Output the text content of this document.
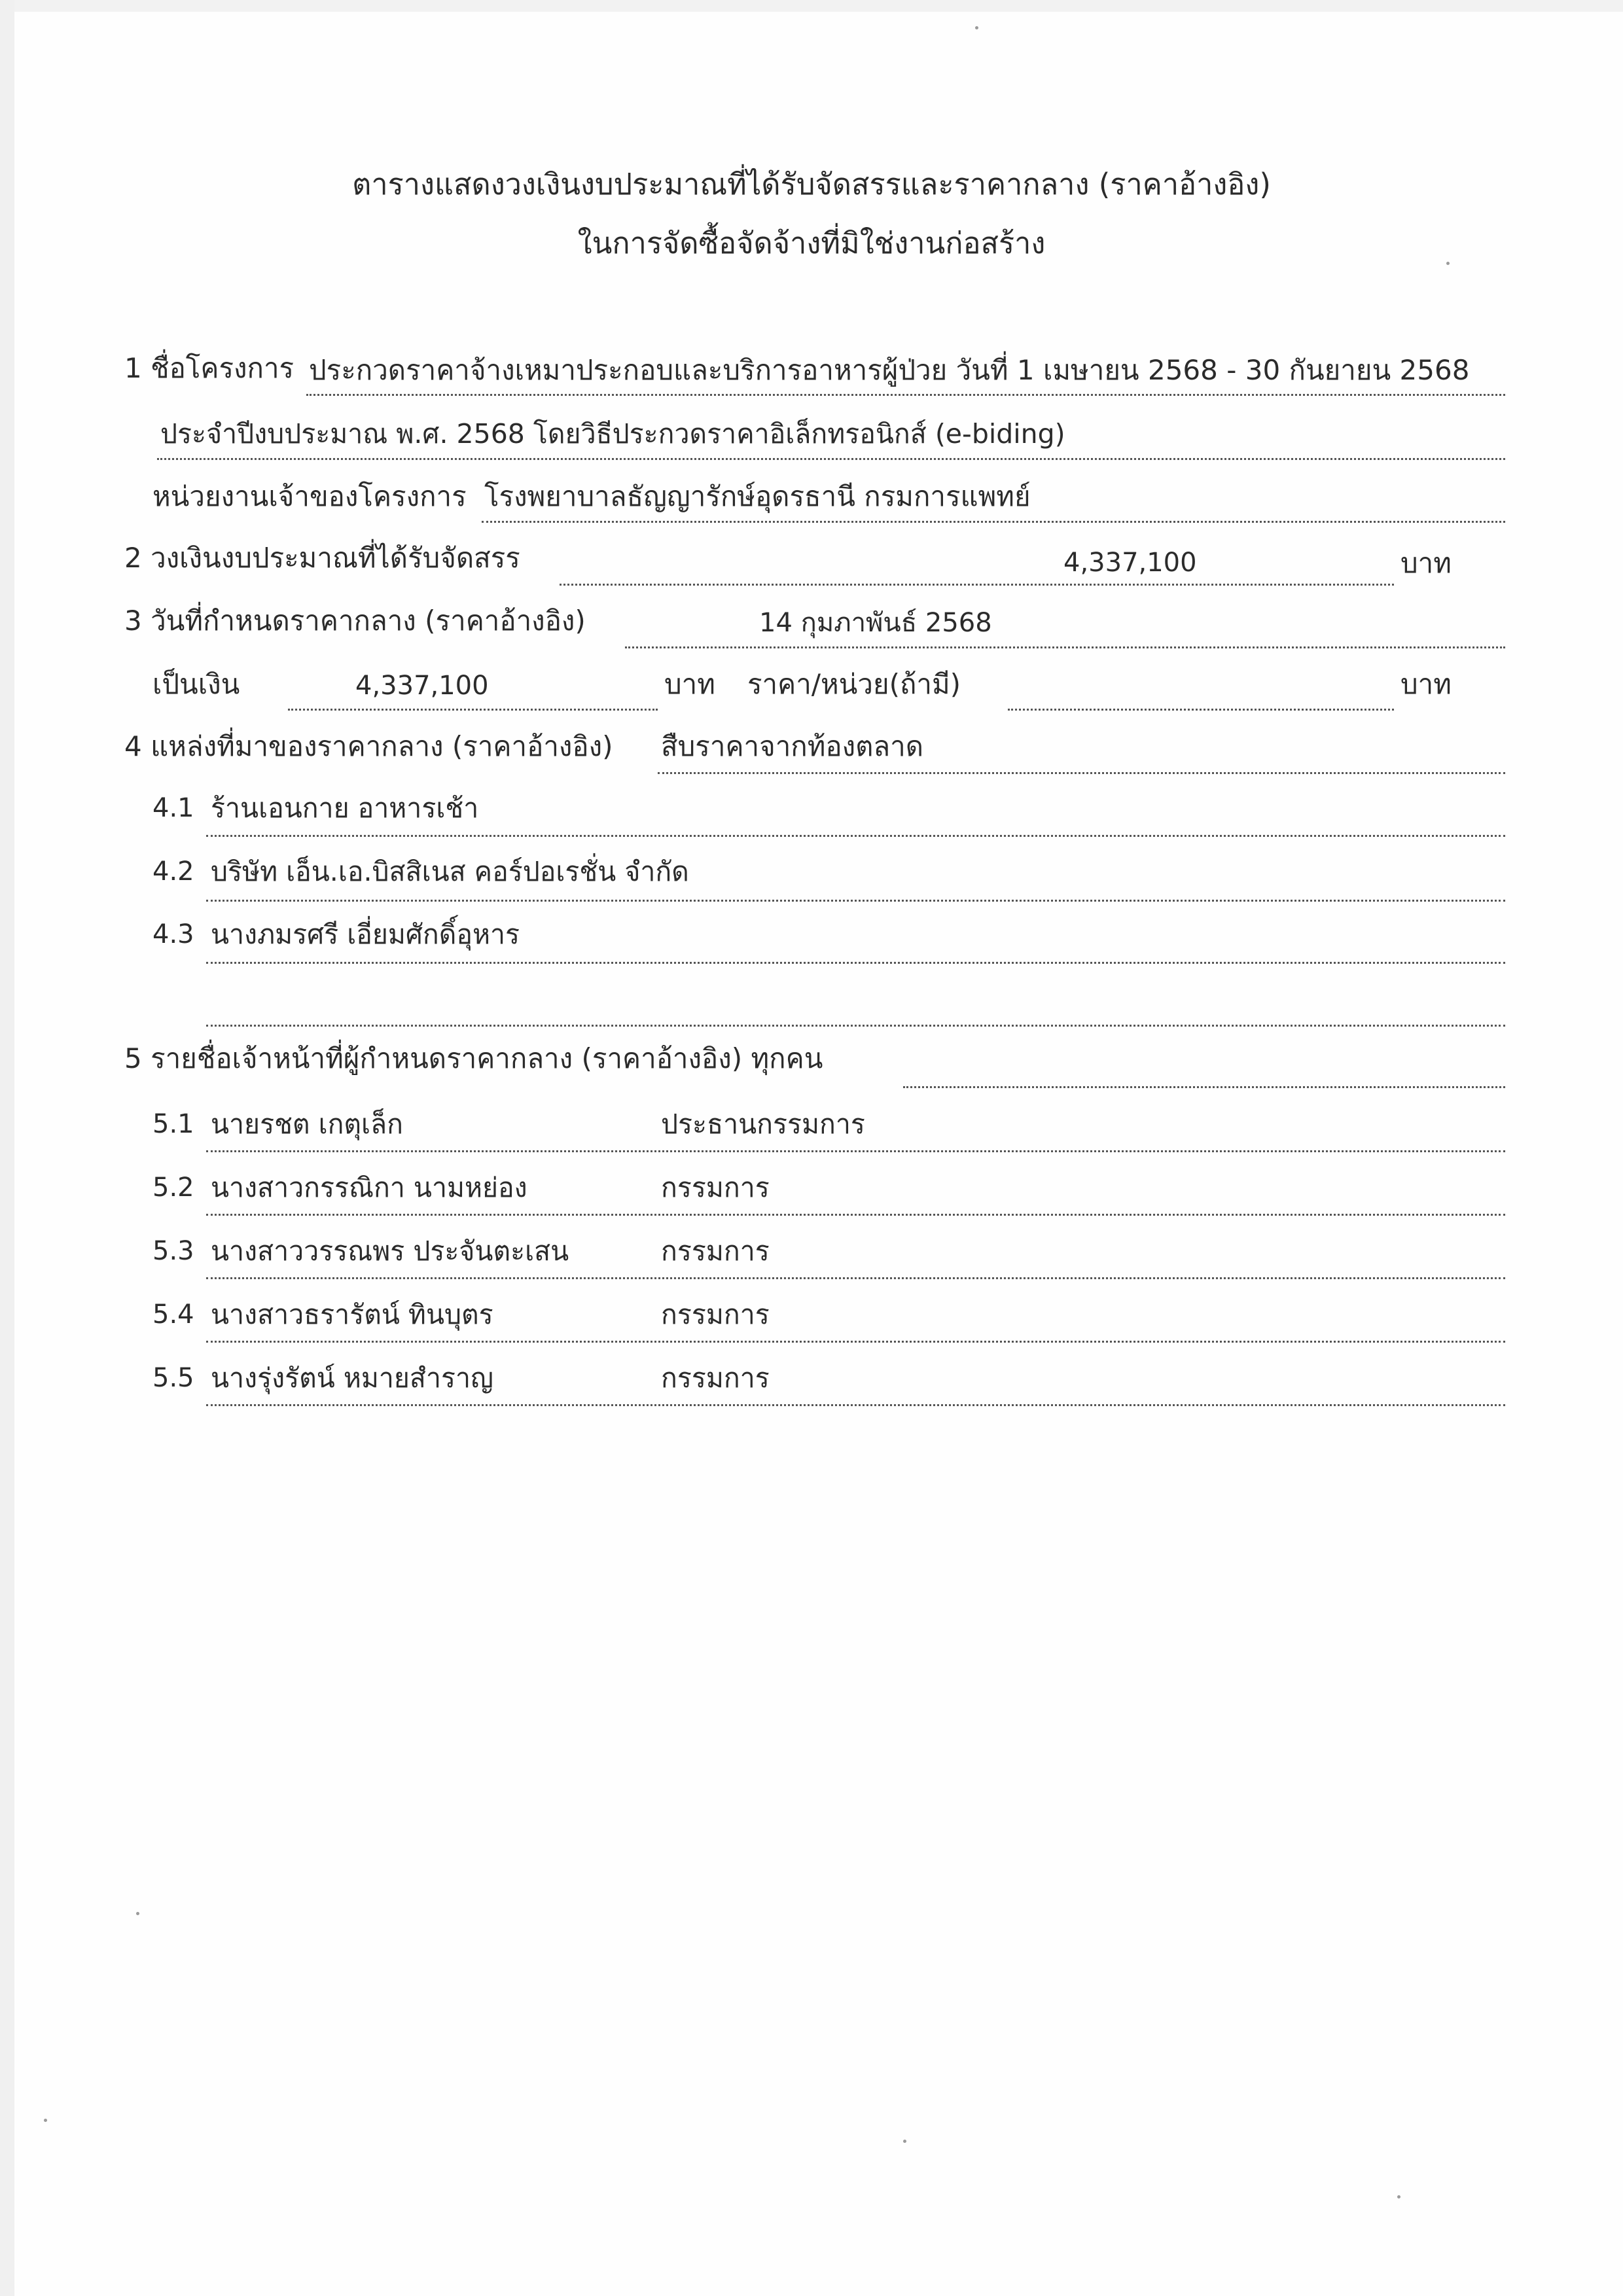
ตารางแสดงวงเงินงบประมาณที่ได้รับจัดสรรและราคากลาง (ราคาอ้างอิง)
ในการจัดซื้อจัดจ้างที่มิใช่งานก่อสร้าง
1 ชื่อโครงการ ประกวดราคาจ้างเหมาประกอบและบริการอาหารผู้ป่วย วันที่ 1 เมษายน 2568 - 30 กันยายน 2568
ประจำปีงบประมาณ พ.ศ. 2568 โดยวิธีประกวดราคาอิเล็กทรอนิกส์ (e-biding)
หน่วยงานเจ้าของโครงการ โรงพยาบาลธัญญารักษ์อุดรธานี กรมการแพทย์
2 วงเงินงบประมาณที่ได้รับจัดสรร	4,337,100	บาท
3 วันที่กำหนดราคากลาง (ราคาอ้างอิง)	14 กุมภาพันธ์ 2568
เป็นเงิน	4,337,100	บาท ราคา/หน่วย(ถ้ามี)	บาท
4 แหล่งที่มาของราคากลาง (ราคาอ้างอิง) สืบราคาจากท้องตลาด
4.1 ร้านเอนกาย อาหารเช้า
4.2 บริษัท เอ็น.เอ.บิสสิเนส คอร์ปอเรชั่น จำกัด
4.3 นางภมรศรี เอี่ยมศักดิ์อุหาร
5 รายชื่อเจ้าหน้าที่ผู้กำหนดราคากลาง (ราคาอ้างอิง) ทุกคน
5.1 นายรชต เกตุเล็ก	ประธานกรรมการ
5.2 นางสาวกรรณิกา นามหย่อง	กรรมการ
5.3 นางสาววรรณพร ประจันตะเสน	กรรมการ
5.4 นางสาวธรารัตน์ ทินบุตร	กรรมการ
5.5 นางรุ่งรัตน์ หมายสำราญ	กรรมการ
